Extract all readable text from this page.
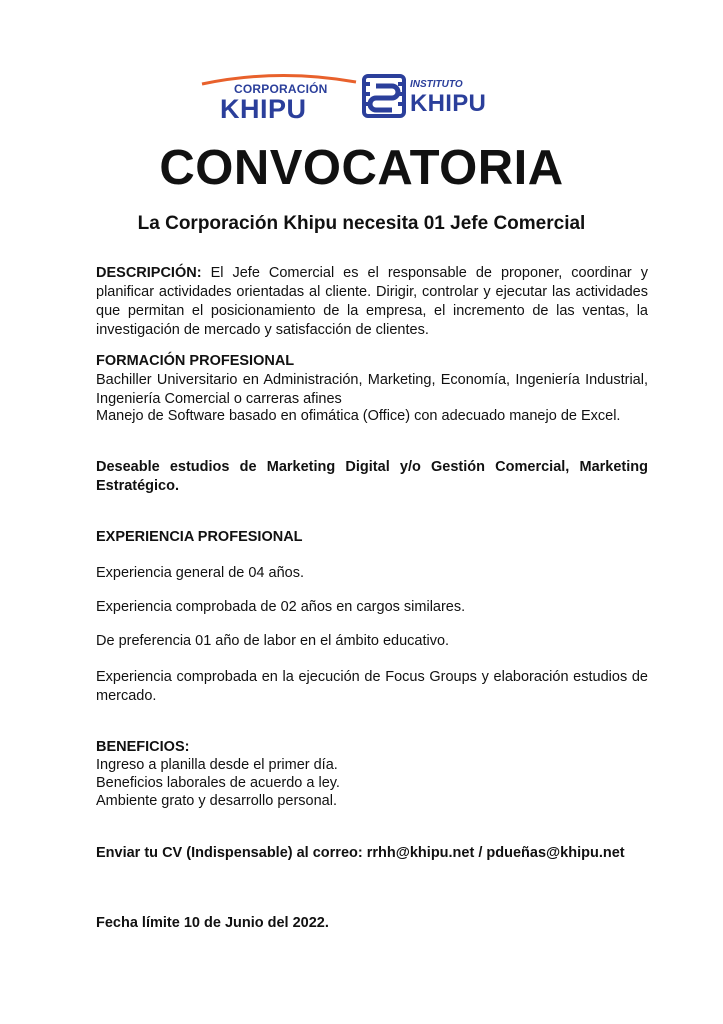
CORPORACIÓN
KHIPU
INSTITUTO
KHIPU
CONVOCATORIA
La Corporación Khipu necesita 01 Jefe Comercial

DESCRIPCIÓN: El Jefe Comercial es el responsable de proponer, coordinar y planificar actividades orientadas al cliente. Dirigir, controlar y ejecutar las actividades que permitan el posicionamiento de la empresa, el incremento de las ventas, la investigación de mercado y satisfacción de clientes.

FORMACIÓN PROFESIONAL

Bachiller Universitario en Administración, Marketing, Economía, Ingeniería Industrial, Ingeniería Comercial o carreras afines

Manejo de Software basado en ofimática (Office) con adecuado manejo de Excel.

Deseable estudios de Marketing Digital y/o Gestión Comercial, Marketing Estratégico.

EXPERIENCIA PROFESIONAL

Experiencia general de 04 años.

Experiencia comprobada de 02 años en cargos similares.

De preferencia 01 año de labor en el ámbito educativo.

Experiencia comprobada en la ejecución de Focus Groups y elaboración estudios de mercado.

BENEFICIOS:

Ingreso a planilla desde el primer día.

Beneficios laborales de acuerdo a ley.

Ambiente grato y desarrollo personal.

Enviar tu CV (Indispensable) al correo: rrhh@khipu.net / pdueñas@khipu.net

Fecha límite 10 de Junio del 2022.
